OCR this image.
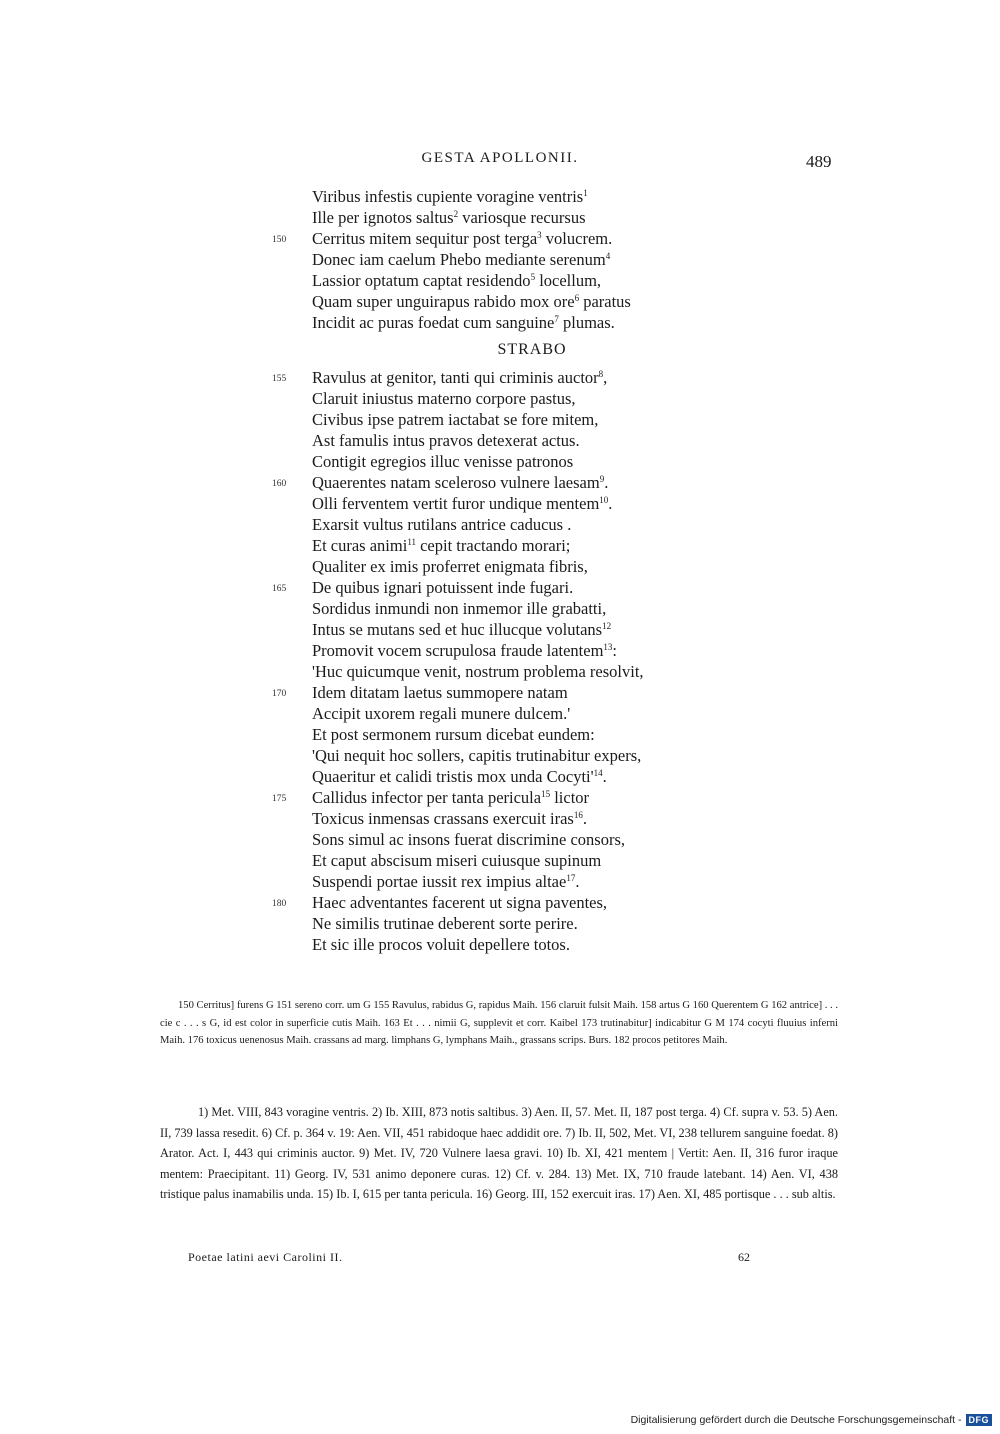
GESTA APOLLONII.	489
Viribus infestis cupiente voragine ventris$^1$
Ille per ignotos saltus$^2$ variosque recursus
150	Cerritus mitem sequitur post terga$^3$ volucrem.
Donec iam caelum Phebo mediante serenum$^4$
Lassior optatum captat residendo$^5$ locellum,
Quam super unguirapus rabido mox ore$^6$ paratus
Incidit ac puras foedat cum sanguine$^7$ plumas.
STRABO
155	Ravulus at genitor, tanti qui criminis auctor$^8$,
Claruit iniustus materno corpore pastus,
Civibus ipse patrem iactabat se fore mitem,
Ast famulis intus pravos detexerat actus.
Contigit egregios illuc venisse patronos
160	Quaerentes natam sceleroso vulnere laesam$^9$.
Olli ferventem vertit furor undique mentem$^{10}$.
Exarsit vultus rutilans antrice caducus .
Et curas animi$^{11}$ cepit tractando morari;
Qualiter ex imis proferret enigmata fibris,
165	De quibus ignari potuissent inde fugari.
Sordidus inmundi non inmemor ille grabatti,
Intus se mutans sed et huc illucque volutans$^{12}$
Promovit vocem scrupulosa fraude latentem$^{13}$:
'Huc quicumque venit, nostrum problema resolvit,
170	Idem ditatam laetus summopere natam
Accipit uxorem regali munere dulcem.'
Et post sermonem rursum dicebat eundem:
'Qui nequit hoc sollers, capitis trutinabitur expers,
Quaeritur et calidi tristis mox unda $Cocyti'^{14}$.
175	Callidus infector per tanta pericula$^{15}$ lictor
Toxicus inmensas crassans exercuit iras$^{16}$.
Sons simul ac insons fuerat discrimine consors,
Et caput abscisum miseri cuiusque supinum
Suspendi portae iussit rex impius altae$^{17}$.
180	Haec adventantes facerent ut signa paventes,
Ne similis trutinae deberent sorte perire.
Et sic ille procos voluit depellere totos.

150 Cerritus] furens G 151 sereno corr. um G 155 Ravulus, rabidus G, rapidus Maih. 156 claruit fulsit Maih. 158 artus G 160 Querentem G 162 antrice] . . . cie c . . . s G, id est color in superficie cutis Maih. 163 Et . . . nimii G, supplevit et corr. Kaibel 173 trutinabitur] indicabitur G M 174 cocyti fluuius inferni Maih. 176 toxicus uenenosus Maih. crassans ad marg. limphans G, lymphans Maih., grassans scrips. Burs. 182 procos petitores Maih.

1) Met. VIII, 843 voragine ventris. 2) Ib. XIII, 873 notis saltibus. 3) Aen. II, 57. Met. II, 187 post terga. 4) Cf. supra v. 53. 5) Aen. II, 739 lassa resedit. 6) Cf. p. 364 v. 19: Aen. VII, 451 rabidoque haec addidit ore. 7) Ib. II, 502, Met. VI, 238 tellurem sanguine foedat. 8) Arator. Act. I, 443 qui criminis auctor. 9) Met. IV, 720 Vulnere laesa gravi. 10) Ib. XI, 421 mentem | Vertit: Aen. II, 316 furor iraque mentem: Praecipitant. 11) Georg. IV, 531 animo deponere curas. 12) Cf. v. 284. 13) Met. IX, 710 fraude latebant. 14) Aen. VI, 438 tristique palus inamabilis unda. 15) Ib. I, 615 per tanta pericula. 16) Georg. III, 152 exercuit iras. 17) Aen. XI, 485 portisque . . . sub altis.

Poetae latini aevi Carolini II.	62
Digitalisierung gefördert durch die Deutsche Forschungsgemeinschaft - DFG
